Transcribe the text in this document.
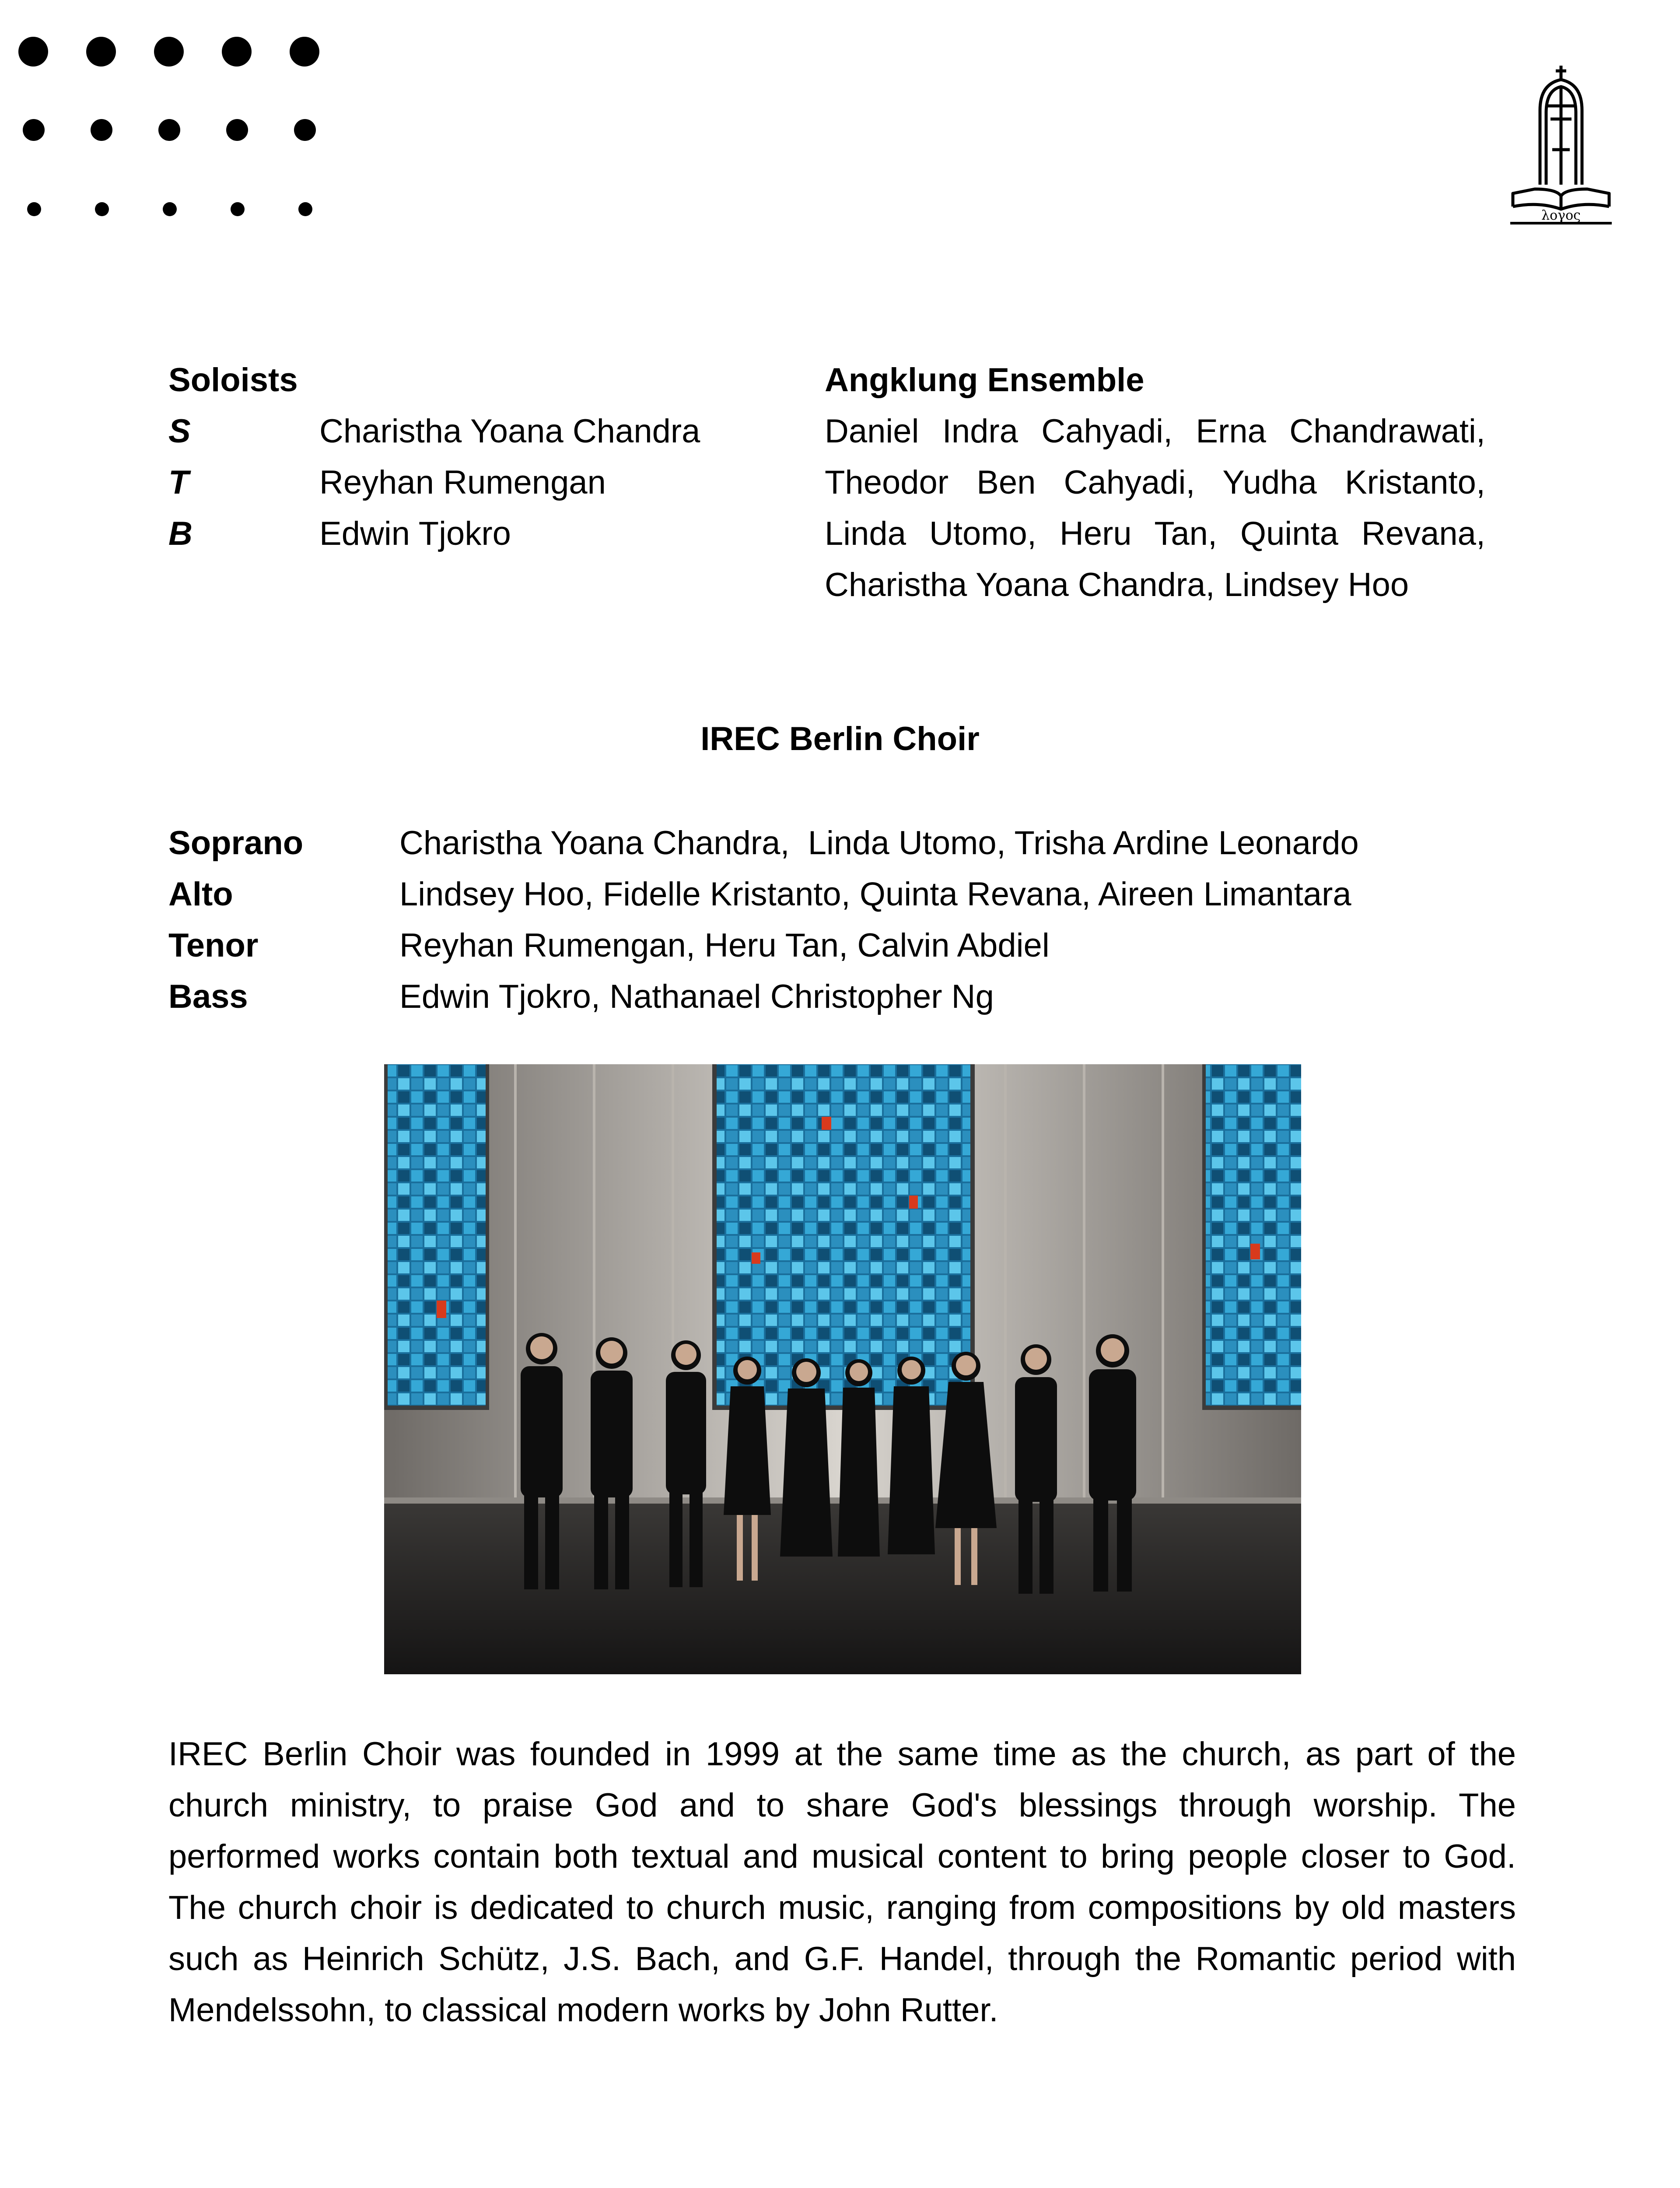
λογος
Soloists
S	Charistha Yoana Chandra
T	Reyhan Rumengan
B	Edwin Tjokro
Angklung Ensemble
Daniel Indra Cahyadi, Erna Chandrawati,
Theodor Ben Cahyadi, Yudha Kristanto,
Linda Utomo, Heru Tan, Quinta Revana,
Charistha Yoana Chandra, Lindsey Hoo
IREC Berlin Choir
Soprano	Charistha Yoana Chandra,  Linda Utomo, Trisha Ardine Leonardo
Alto	Lindsey Hoo, Fidelle Kristanto, Quinta Revana, Aireen Limantara
Tenor	Reyhan Rumengan, Heru Tan, Calvin Abdiel
Bass	Edwin Tjokro, Nathanael Christopher Ng
IREC Berlin Choir was founded in 1999 at the same time as the church, as part of the
church ministry, to praise God and to share God's blessings through worship. The
performed works contain both textual and musical content to bring people closer to God.
The church choir is dedicated to church music, ranging from compositions by old masters
such as Heinrich Schütz, J.S. Bach, and G.F. Handel, through the Romantic period with
Mendelssohn, to classical modern works by John Rutter.
